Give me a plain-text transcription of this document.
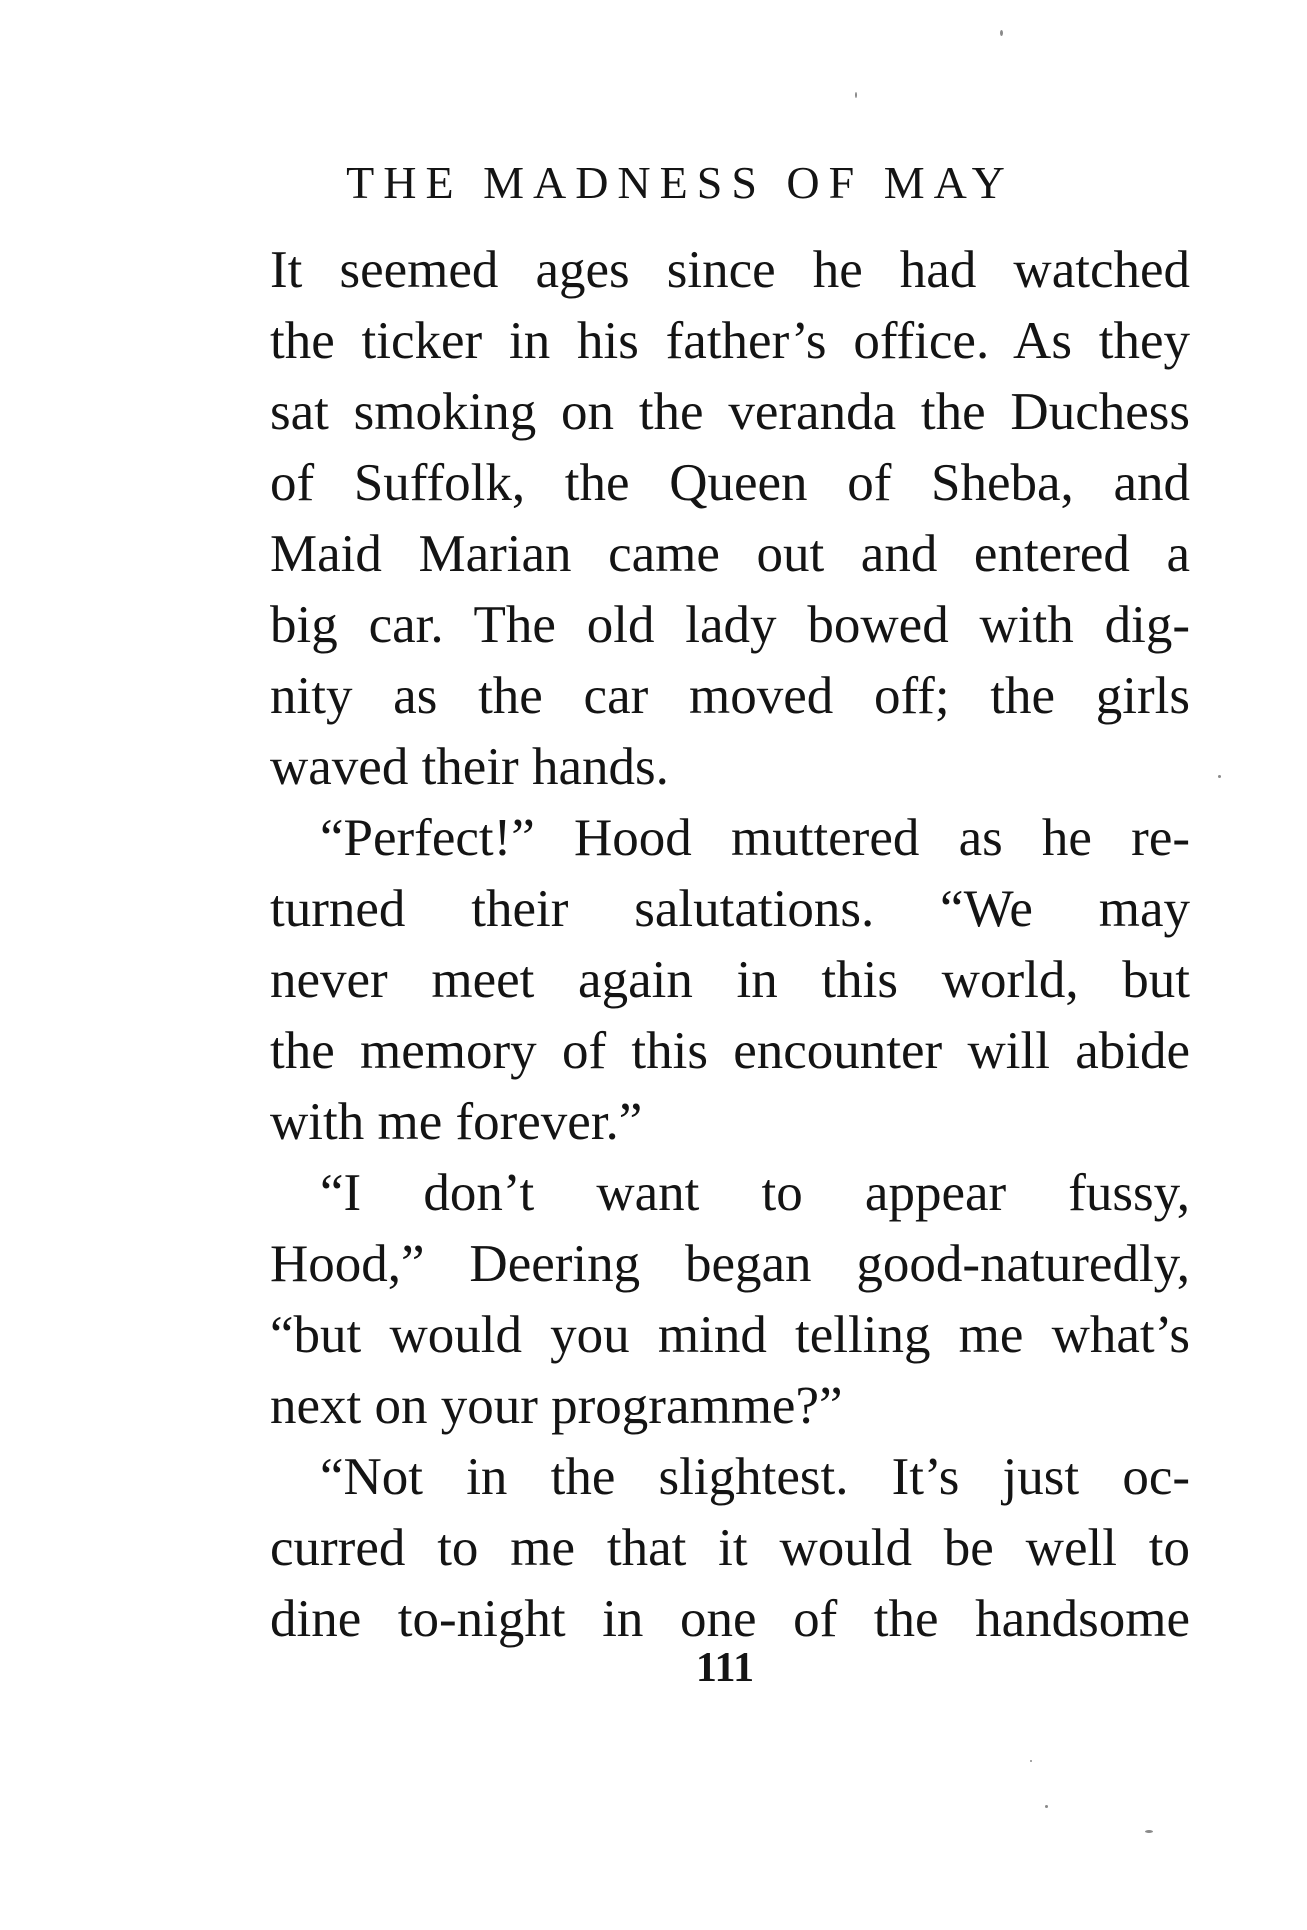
THE MADNESS OF MAY
It seemed ages since he had watched
the ticker in his father’s office. As they
sat smoking on the veranda the Duchess
of Suffolk, the Queen of Sheba, and
Maid Marian came out and entered a
big car. The old lady bowed with dig-
nity as the car moved off; the girls
waved their hands.
“Perfect!” Hood muttered as he re-
turned their salutations. “We may
never meet again in this world, but
the memory of this encounter will abide
with me forever.”
“I don’t want to appear fussy,
Hood,” Deering began good-naturedly,
“but would you mind telling me what’s
next on your programme?”
“Not in the slightest. It’s just oc-
curred to me that it would be well to
dine to-night in one of the handsome
111
